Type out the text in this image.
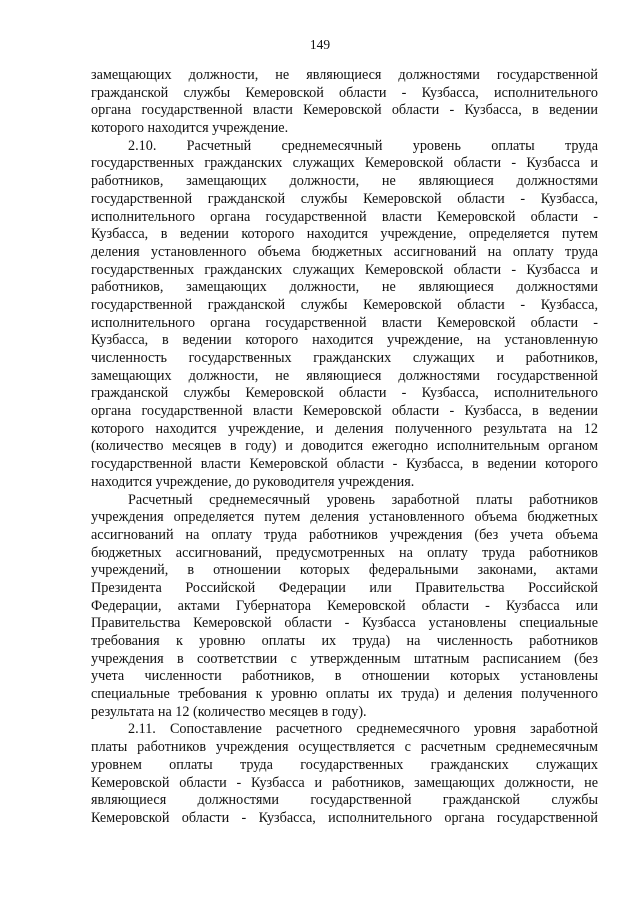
149
замещающих должности, не являющиеся должностями государственной
гражданской службы Кемеровской области - Кузбасса, исполнительного
органа государственной власти Кемеровской области - Кузбасса, в ведении
которого находится учреждение.
2.10. Расчетный среднемесячный уровень оплаты труда
государственных гражданских служащих Кемеровской области - Кузбасса и
работников, замещающих должности, не являющиеся должностями
государственной гражданской службы Кемеровской области - Кузбасса,
исполнительного органа государственной власти Кемеровской области -
Кузбасса, в ведении которого находится учреждение, определяется путем
деления установленного объема бюджетных ассигнований на оплату труда
государственных гражданских служащих Кемеровской области - Кузбасса и
работников, замещающих должности, не являющиеся должностями
государственной гражданской службы Кемеровской области - Кузбасса,
исполнительного органа государственной власти Кемеровской области -
Кузбасса, в ведении которого находится учреждение, на установленную
численность государственных гражданских служащих и работников,
замещающих должности, не являющиеся должностями государственной
гражданской службы Кемеровской области - Кузбасса, исполнительного
органа государственной власти Кемеровской области - Кузбасса, в ведении
которого находится учреждение, и деления полученного результата на 12
(количество месяцев в году) и доводится ежегодно исполнительным органом
государственной власти Кемеровской области - Кузбасса, в ведении которого
находится учреждение, до руководителя учреждения.
Расчетный среднемесячный уровень заработной платы работников
учреждения определяется путем деления установленного объема бюджетных
ассигнований на оплату труда работников учреждения (без учета объема
бюджетных ассигнований, предусмотренных на оплату труда работников
учреждений, в отношении которых федеральными законами, актами
Президента Российской Федерации или Правительства Российской
Федерации, актами Губернатора Кемеровской области - Кузбасса или
Правительства Кемеровской области - Кузбасса установлены специальные
требования к уровню оплаты их труда) на численность работников
учреждения в соответствии с утвержденным штатным расписанием (без
учета численности работников, в отношении которых установлены
специальные требования к уровню оплаты их труда) и деления полученного
результата на 12 (количество месяцев в году).
2.11. Сопоставление расчетного среднемесячного уровня заработной
платы работников учреждения осуществляется с расчетным среднемесячным
уровнем оплаты труда государственных гражданских служащих
Кемеровской области - Кузбасса и работников, замещающих должности, не
являющиеся должностями государственной гражданской службы
Кемеровской области - Кузбасса, исполнительного органа государственной
